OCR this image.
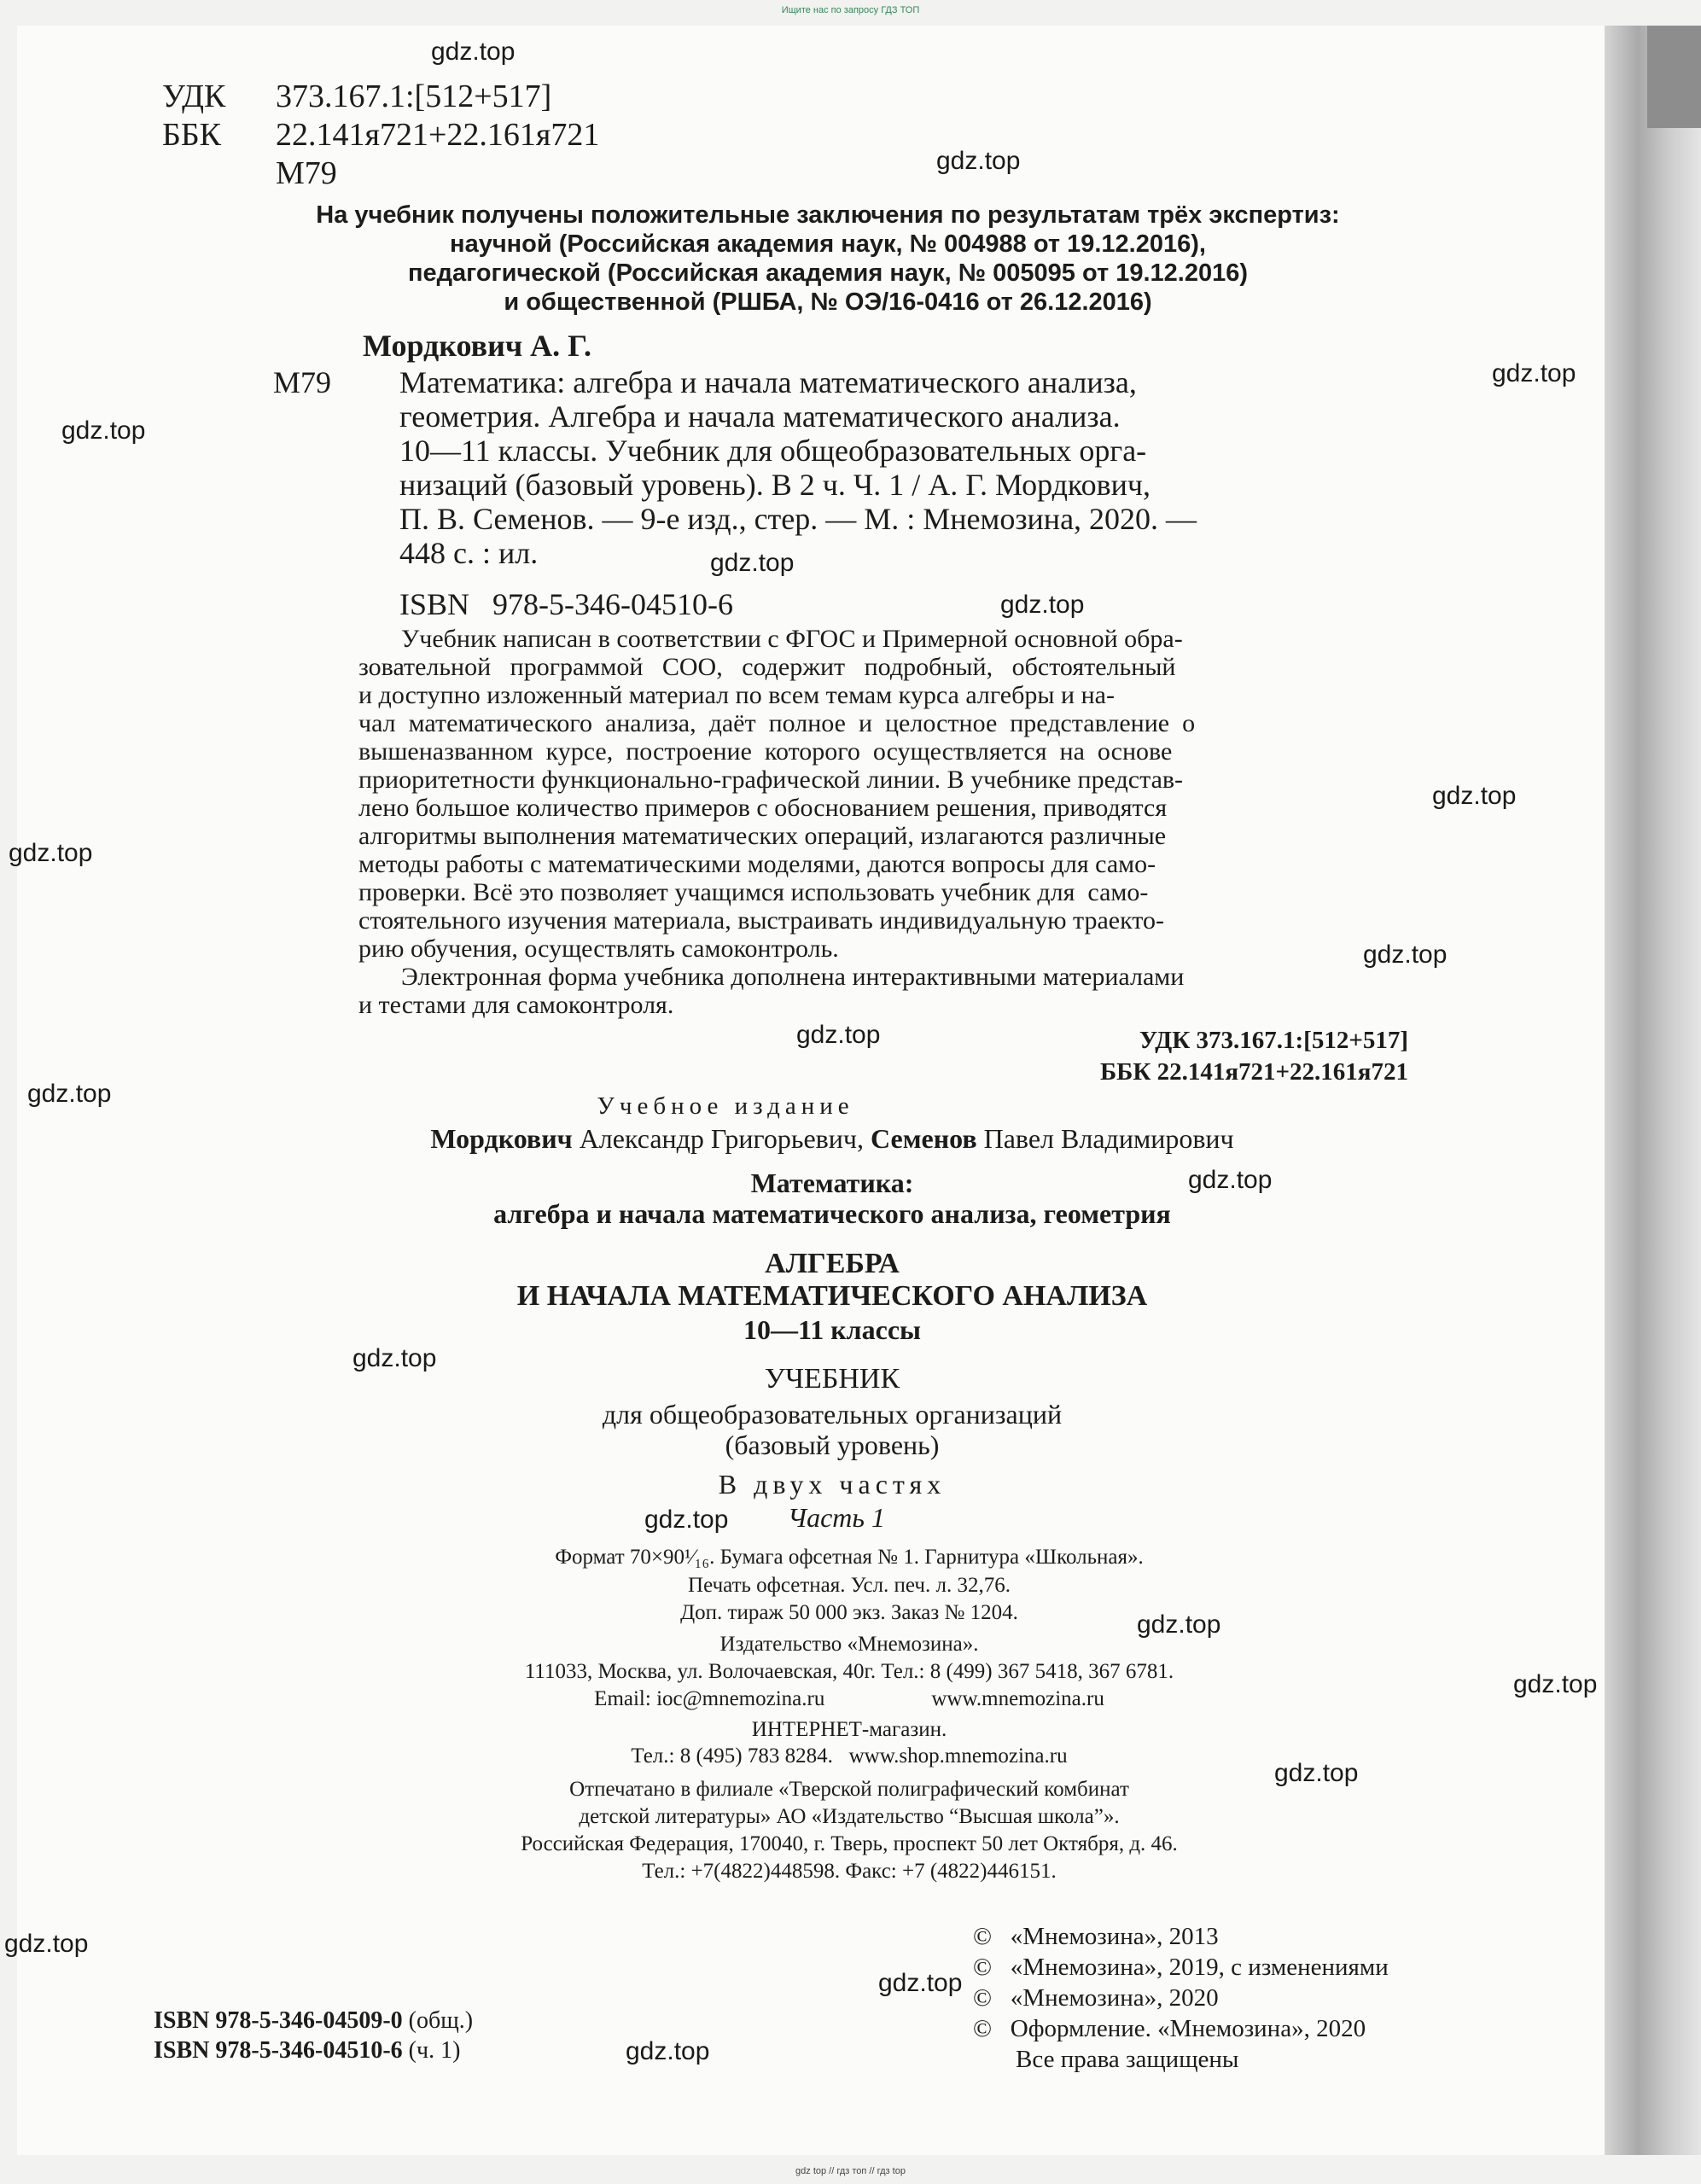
Ищите нас по запросу ГДЗ ТОП
УДК 373.167.1:[512+517]
ББК 22.141я721+22.161я721
М79
На учебник получены положительные заключения по результатам трёх экспертиз:
научной (Российская академия наук, № 004988 от 19.12.2016),
педагогической (Российская академия наук, № 005095 от 19.12.2016)
и общественной (РШБА, № ОЭ/16-0416 от 26.12.2016)
Мордкович А. Г.
М79 Математика: алгебра и начала математического анализа,
геометрия. Алгебра и начала математического анализа.
10—11 классы. Учебник для общеобразовательных орга-
низаций (базовый уровень). В 2 ч. Ч. 1 / А. Г. Мордкович,
П. В. Семенов. — 9-е изд., стер. — М. : Мнемозина, 2020. —
448 с. : ил.
ISBN   978-5-346-04510-6
Учебник написан в соответствии с ФГОС и Примерной основной обра-
зовательной   программой   СОО,   содержит   подробный,   обстоятельный
и доступно изложенный материал по всем темам курса алгебры и на-
чал  математического  анализа,  даёт  полное  и  целостное  представление  о
вышеназванном  курсе,  построение  которого  осуществляется  на  основе
приоритетности функционально-графической линии. В учебнике представ-
лено большое количество примеров с обоснованием решения, приводятся
алгоритмы выполнения математических операций, излагаются различные
методы работы с математическими моделями, даются вопросы для само-
проверки. Всё это позволяет учащимся использовать учебник для  само-
стоятельного изучения материала, выстраивать индивидуальную траекто-
рию обучения, осуществлять самоконтроль.
Электронная форма учебника дополнена интерактивными материалами
и тестами для самоконтроля.
УДК 373.167.1:[512+517]
ББК 22.141я721+22.161я721
Учебное издание
Мордкович Александр Григорьевич, Семенов Павел Владимирович
Математика:
алгебра и начала математического анализа, геометрия
АЛГЕБРА
И НАЧАЛА МАТЕМАТИЧЕСКОГО АНАЛИЗА
10—11 классы
УЧЕБНИК
для общеобразовательных организаций
(базовый уровень)
В двух частях
Часть 1
Формат 70×90¹⁄₁₆. Бумага офсетная № 1. Гарнитура «Школьная».
Печать офсетная. Усл. печ. л. 32,76.
Доп. тираж 50 000 экз. Заказ № 1204.
Издательство «Мнемозина».
111033, Москва, ул. Волочаевская, 40г. Тел.: 8 (499) 367 5418, 367 6781.
Email: ioc@mnemozina.ru                    www.mnemozina.ru
ИНТЕРНЕТ-магазин.
Тел.: 8 (495) 783 8284.   www.shop.mnemozina.ru
Отпечатано в филиале «Тверской полиграфический комбинат
детской литературы» АО «Издательство “Высшая школа”».
Российская Федерация, 170040, г. Тверь, проспект 50 лет Октября, д. 46.
Тел.: +7(4822)448598. Факс: +7 (4822)446151.
©   «Мнемозина», 2013
©   «Мнемозина», 2019, с изменениями
©   «Мнемозина», 2020
©   Оформление. «Мнемозина», 2020
Все права защищены
ISBN 978-5-346-04509-0 (общ.)
ISBN 978-5-346-04510-6 (ч. 1)
gdz.top
gdz.top
gdz.top
gdz.top
gdz.top
gdz.top
gdz.top
gdz.top
gdz.top
gdz.top
gdz.top
gdz.top
gdz.top
gdz.top
gdz.top
gdz.top
gdz.top
gdz.top
gdz.top
gdz.top
gdz top // гдз топ // гдз top
